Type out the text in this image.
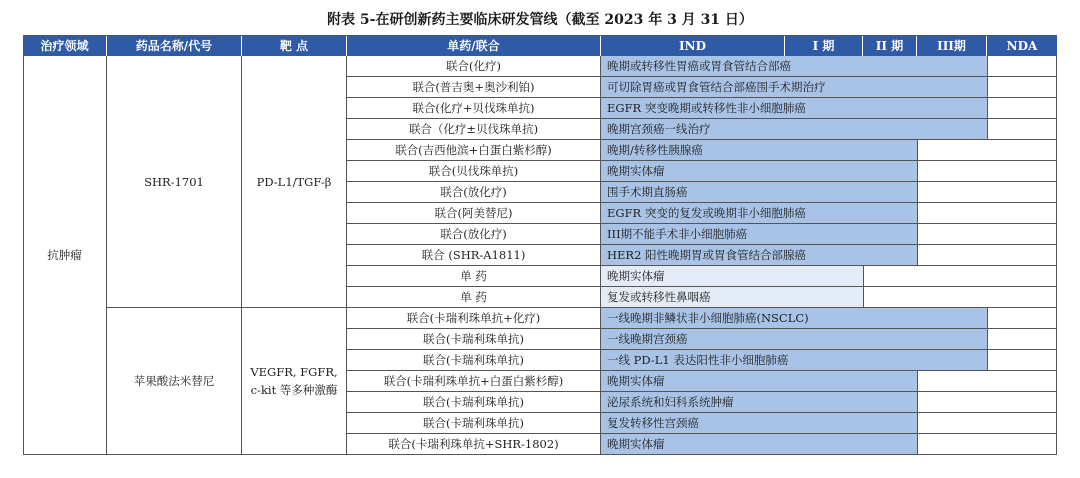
附表 5-在研创新药主要临床研发管线（截至 2023 年 3 月 31 日）
治疗领域	药品名称/代号	靶 点	单药/联合	IND	I 期	II 期	III期	NDA
SHR-1701	PD-L1/TGF-β
联合(化疗)	晚期或转移性胃癌或胃食管结合部癌
联合(普吉奥+奥沙利铂)	可切除胃癌或胃食管结合部癌围手术期治疗
联合(化疗+贝伐珠单抗)	EGFR 突变晚期或转移性非小细胞肺癌
联合（化疗±贝伐珠单抗)	晚期宫颈癌一线治疗
联合(吉西他滨+白蛋白紫杉醇)	晚期/转移性胰腺癌
联合(贝伐珠单抗)	晚期实体瘤
联合(放化疗)	围手术期直肠癌
联合(阿美替尼)	EGFR 突变的复发或晚期非小细胞肺癌
联合(放化疗)	III期不能手术非小细胞肺癌
联合 (SHR-A1811)	HER2 阳性晚期胃或胃食管结合部腺癌
单 药	晚期实体瘤
单 药	复发或转移性鼻咽癌
苹果酸法米替尼
VEGFR, FGFR, c-kit 等多种激酶
联合(卡瑞利珠单抗+化疗)	一线晚期非鳞状非小细胞肺癌(NSCLC)
联合(卡瑞利珠单抗)	一线晚期宫颈癌
联合(卡瑞利珠单抗)	一线 PD-L1 表达阳性非小细胞肺癌
联合(卡瑞利珠单抗+白蛋白紫杉醇)	晚期实体瘤
联合(卡瑞利珠单抗)	泌尿系统和妇科系统肿瘤
联合(卡瑞利珠单抗)	复发转移性宫颈癌
联合(卡瑞利珠单抗+SHR-1802)	晚期实体瘤
抗肿瘤
